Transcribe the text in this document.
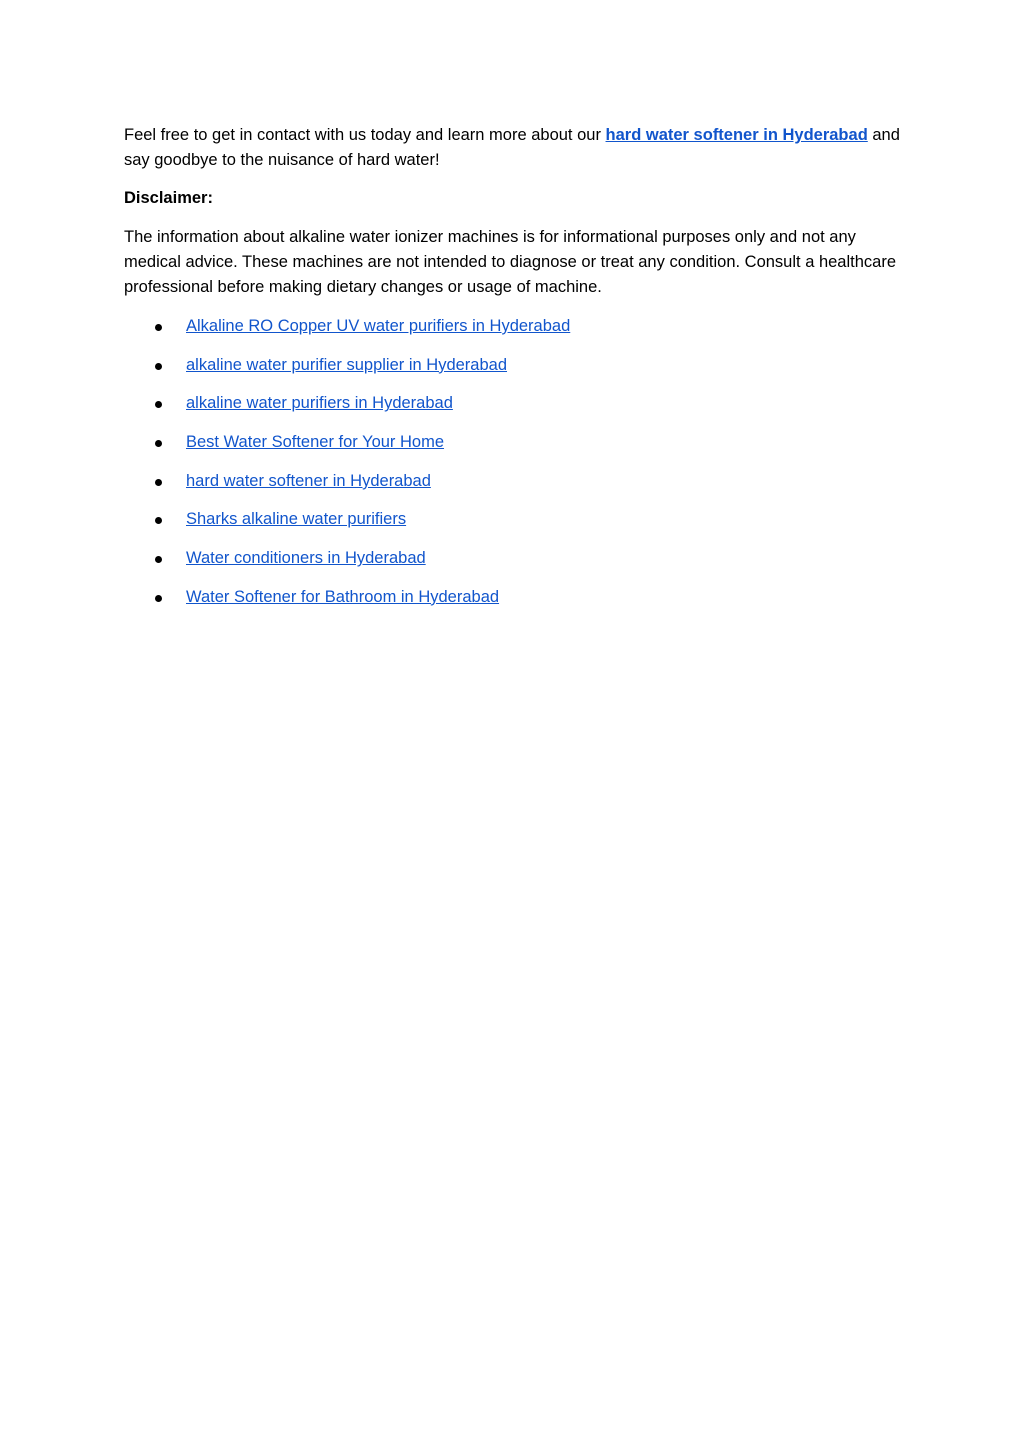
Feel free to get in contact with us today and learn more about our hard water softener in Hyderabad and say goodbye to the nuisance of hard water!

Disclaimer:

The information about alkaline water ionizer machines is for informational purposes only and not any medical advice. These machines are not intended to diagnose or treat any condition. Consult a healthcare professional before making dietary changes or usage of machine.

Alkaline RO Copper UV water purifiers in Hyderabad
alkaline water purifier supplier in Hyderabad
alkaline water purifiers in Hyderabad
Best Water Softener for Your Home
hard water softener in Hyderabad
Sharks alkaline water purifiers
Water conditioners in Hyderabad
Water Softener for Bathroom in Hyderabad
